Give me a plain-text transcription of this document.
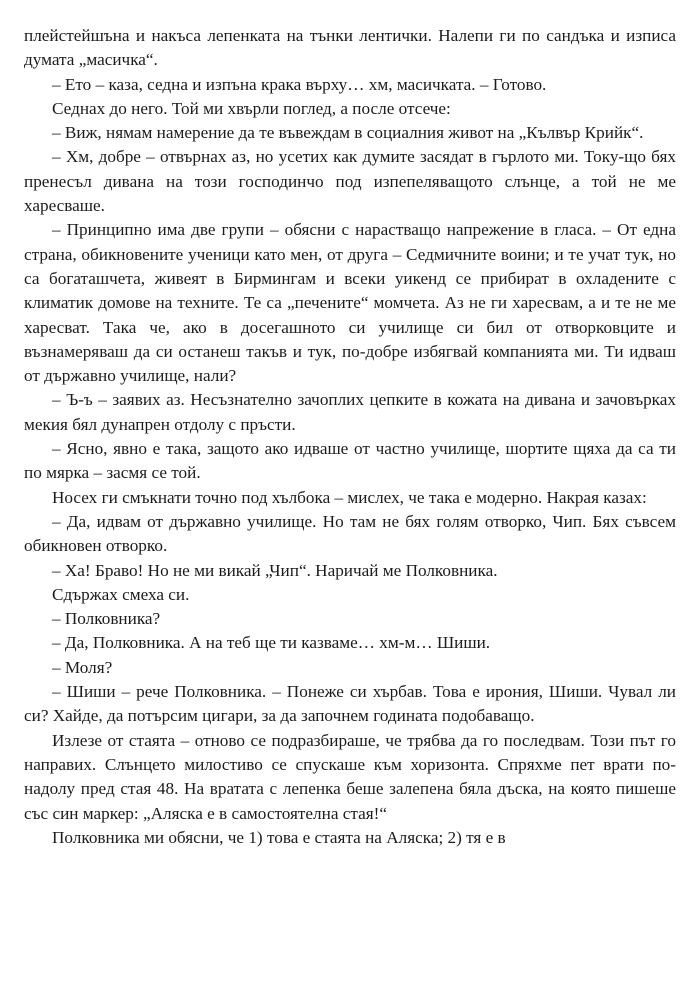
плейстейшъна и накъса лепенката на тънки лентички. Налепи ги по сандъка и изписа думата „масичка“.

– Ето – каза, седна и изпъна крака върху… хм, масичката. – Готово.

Седнах до него. Той ми хвърли поглед, а после отсече:

– Виж, нямам намерение да те въвеждам в социалния живот на „Кълвър Крийк“.

– Хм, добре – отвърнах аз, но усетих как думите засядат в гърлото ми. Току-що бях пренесъл дивана на този господинчо под изпепеляващото слънце, а той не ме харесваше.

– Принципно има две групи – обясни с нарастващо напрежение в гласа. – От една страна, обикновените ученици като мен, от друга – Седмичните воини; и те учат тук, но са богаташчета, живеят в Бирмингам и всеки уикенд се прибират в охладените с климатик домове на техните. Те са „печените“ момчета. Аз не ги харесвам, а и те не ме харесват. Така че, ако в досегашното си училище си бил от отворковците и възнамеряваш да си останеш такъв и тук, по-добре избягвай компанията ми. Ти идваш от държавно училище, нали?

– Ъ-ъ – заявих аз. Несъзнателно зачоплих цепките в кожата на дивана и зачовърках мекия бял дунапрен отдолу с пръсти.

– Ясно, явно е така, защото ако идваше от частно училище, шортите щяха да са ти по мярка – засмя се той.

Носех ги смъкнати точно под хълбока – мислех, че така е модерно. Накрая казах:

– Да, идвам от държавно училище. Но там не бях голям отворко, Чип. Бях съвсем обикновен отворко.

– Ха! Браво! Но не ми викай „Чип“. Наричай ме Полковника.

Сдържах смеха си.

– Полковника?

– Да, Полковника. А на теб ще ти казваме… хм-м… Шиши.

– Моля?

– Шиши – рече Полковника. – Понеже си хърбав. Това е ирония, Шиши. Чувал ли си? Хайде, да потърсим цигари, за да започнем годината подобаващо.

Излезе от стаята – отново се подразбираше, че трябва да го последвам. Този път го направих. Слънцето милостиво се спускаше към хоризонта. Спряхме пет врати по-надолу пред стая 48. На вратата с лепенка беше залепена бяла дъска, на която пишеше със син маркер: „Аляска е в самостоятелна стая!“

Полковника ми обясни, че 1) това е стаята на Аляска; 2) тя е в
